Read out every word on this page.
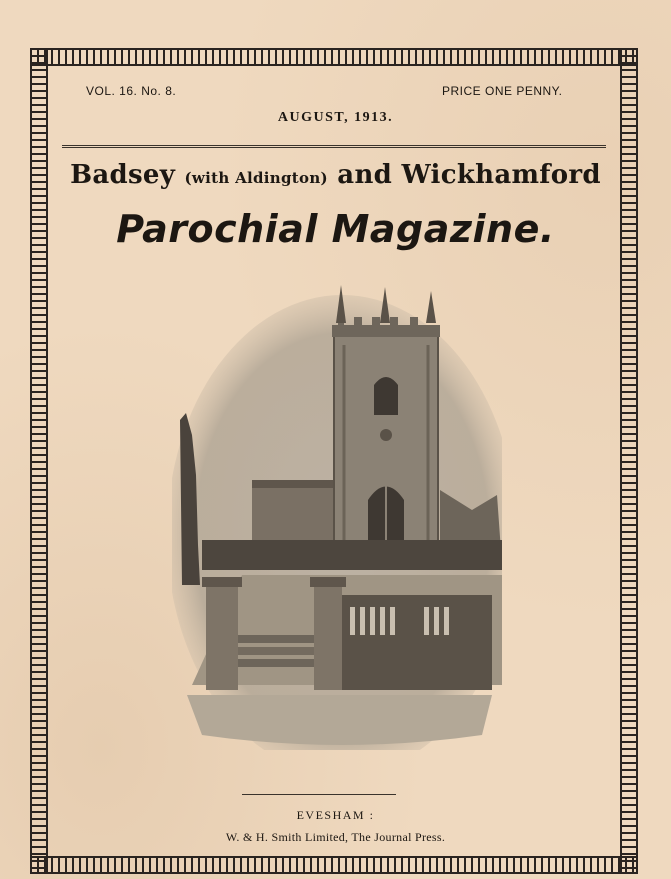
VOL. 16. No. 8.	PRICE ONE PENNY.
AUGUST, 1913.
Badsey (with Aldington) and Wickhamford
Parochial Magazine.
EVESHAM :
W. & H. Smith Limited, The Journal Press.
